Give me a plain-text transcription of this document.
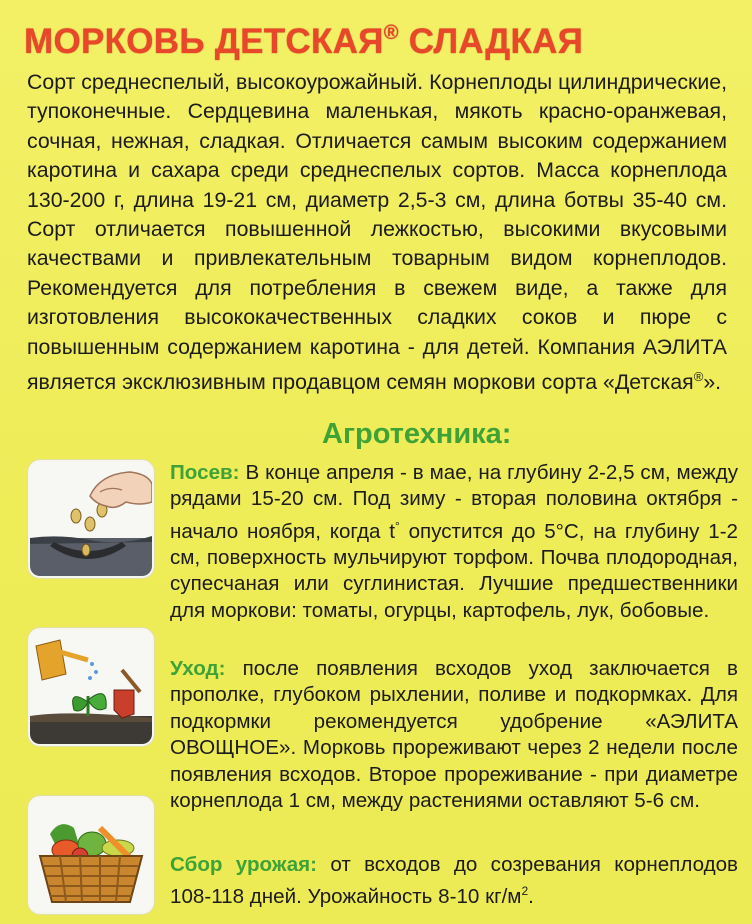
МОРКОВЬ ДЕТСКАЯ® СЛАДКАЯ
Сорт среднеспелый, высокоурожайный. Корнеплоды цилиндрические, тупоконечные. Сердцевина маленькая, мякоть красно-оранжевая, сочная, нежная, сладкая. Отличается самым высоким содержанием каротина и сахара среди среднеспелых сортов. Масса корнеплода 130-200 г, длина 19-21 см, диаметр 2,5-3 см, длина ботвы 35-40 см. Сорт отличается повышенной лежкостью, высокими вкусовыми качествами и привлекательным товарным видом корнеплодов. Рекомендуется для потребления в свежем виде, а также для изготовления высококачественных сладких соков и пюре с повышенным содержанием каротина - для детей. Компания АЭЛИТА является эксклюзивным продавцом семян моркови сорта «Детская®».
Агротехника:
Посев: В конце апреля - в мае, на глубину 2-2,5 см, между рядами 15-20 см. Под зиму - вторая половина октября - начало ноября, когда t° опустится до 5°С, на глубину 1-2 см, поверхность мульчируют торфом. Почва плодородная, супесчаная или суглинистая. Лучшие предшественники для моркови: томаты, огурцы, картофель, лук, бобовые.
Уход: после появления всходов уход заключается в прополке, глубоком рыхлении, поливе и подкормках. Для подкормки рекомендуется удобрение «АЭЛИТА ОВОЩНОЕ». Морковь прореживают через 2 недели после появления всходов. Второе прореживание - при диаметре корнеплода 1 см, между растениями оставляют 5-6 см.
Сбор урожая: от всходов до созревания корнеплодов 108-118 дней. Урожайность 8-10 $кг/м^2$.
